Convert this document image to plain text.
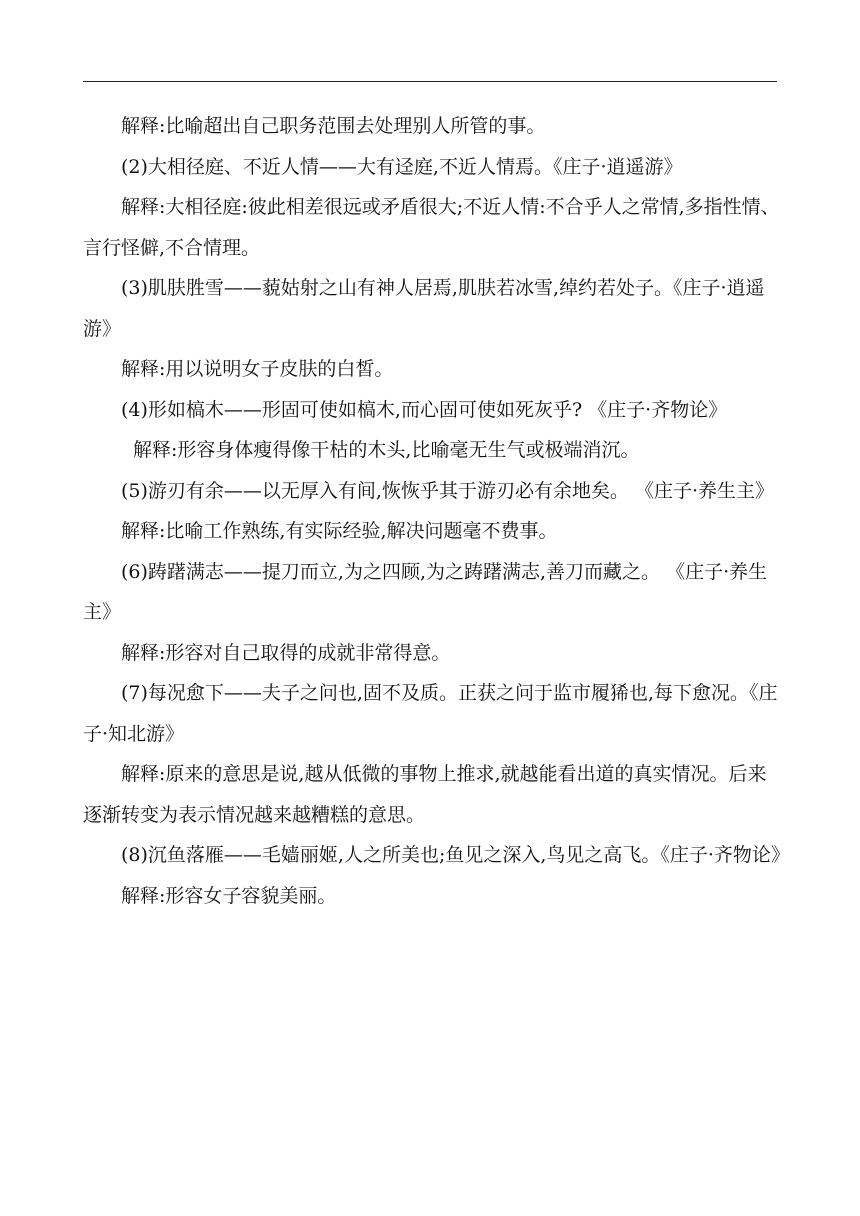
解释:比喻超出自己职务范围去处理别人所管的事。

(2)大相径庭、不近人情——大有迳庭,不近人情焉。《庄子·逍遥游》

解释:大相径庭:彼此相差很远或矛盾很大;不近人情:不合乎人之常情,多指性情、言行怪僻,不合情理。

(3)肌肤胜雪——藐姑射之山有神人居焉,肌肤若冰雪,绰约若处子。《庄子·逍遥游》

解释:用以说明女子皮肤的白皙。

(4)形如槁木——形固可使如槁木,而心固可使如死灰乎? 《庄子·齐物论》

解释:形容身体瘦得像干枯的木头,比喻毫无生气或极端消沉。

(5)游刃有余——以无厚入有间,恢恢乎其于游刃必有余地矣。 《庄子·养生主》

解释:比喻工作熟练,有实际经验,解决问题毫不费事。

(6)踌躇满志——提刀而立,为之四顾,为之踌躇满志,善刀而藏之。 《庄子·养生主》

解释:形容对自己取得的成就非常得意。

(7)每况愈下——夫子之问也,固不及质。正获之问于监市履狶也,每下愈况。《庄子·知北游》

解释:原来的意思是说,越从低微的事物上推求,就越能看出道的真实情况。后来逐渐转变为表示情况越来越糟糕的意思。

(8)沉鱼落雁——毛嫱丽姬,人之所美也;鱼见之深入,鸟见之高飞。《庄子·齐物论》

解释:形容女子容貌美丽。
